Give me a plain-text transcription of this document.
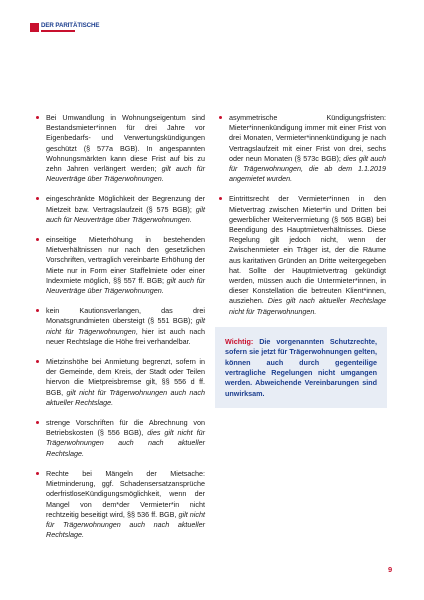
DER PARITÄTISCHE

Bei Umwandlung in Wohnungseigentum sind Bestandsmieter*innen für drei Jahre vor Eigenbedarfs- und Verwertungskündigungen geschützt (§ 577a BGB). In angespannten Wohnungsmärkten kann diese Frist auf bis zu zehn Jahren verlängert werden; gilt auch für Neuverträge über Trägerwohnungen.

eingeschränkte Möglichkeit der Begrenzung der Mietzeit bzw. Vertragslaufzeit (§ 575 BGB); gilt auch für Neuverträge über Trägerwohnungen.

einseitige Mieterhöhung in bestehenden Mietverhältnissen nur nach den gesetzlichen Vorschriften, vertraglich vereinbarte Erhöhung der Miete nur in Form einer Staffelmiete oder einer Indexmiete möglich, §§ 557 ff. BGB; gilt auch für Neuverträge über Trägerwohnungen.

kein Kautionsverlangen, das drei Monatsgrundmieten übersteigt (§ 551 BGB); gilt nicht für Trägerwohnungen, hier ist auch nach neuer Rechtslage die Höhe frei verhandelbar.

Mietzinshöhe bei Anmietung begrenzt, sofern in der Gemeinde, dem Kreis, der Stadt oder Teilen hiervon die Mietpreisbremse gilt, §§ 556 d ff. BGB, gilt nicht für Trägerwohnungen auch nach aktueller Rechtslage.

strenge Vorschriften für die Abrechnung von Betriebskosten (§ 556 BGB), dies gilt nicht für Trägerwohnungen auch nach aktueller Rechtslage.

Rechte bei Mängeln der Mietsache: Mietminderung, ggf. Schadensersatzansprüche oderfristloseKündigungsmöglichkeit, wenn der Mangel von dem*der Vermieter*in nicht rechtzeitig beseitigt wird, §§ 536 ff. BGB, gilt nicht für Trägerwohnungen auch nach aktueller Rechtslage.

asymmetrische Kündigungsfristen: Mieter*innenkündigung immer mit einer Frist von drei Monaten, Vermieter*innenkündigung je nach Vertragslaufzeit mit einer Frist von drei, sechs oder neun Monaten (§ 573c BGB); dies gilt auch für Trägerwohnungen, die ab dem 1.1.2019 angemietet wurden.

Eintrittsrecht der Vermieter*innen in den Mietvertrag zwischen Mieter*in und Dritten bei gewerblicher Weitervermietung (§ 565 BGB) bei Beendigung des Hauptmietverhältnisses. Diese Regelung gilt jedoch nicht, wenn der Zwischenmieter ein Träger ist, der die Räume aus karitativen Gründen an Dritte weitergegeben hat. Sollte der Hauptmietvertrag gekündigt werden, müssen auch die Untermieter*innen, in dieser Konstellation die betreuten Klient*innen, ausziehen. Dies gilt nach aktueller Rechtslage nicht für Trägerwohnungen.

Wichtig: Die vorgenannten Schutzrechte, sofern sie jetzt für Trägerwohnungen gelten, können auch durch gegenteilige vertragliche Regelungen nicht umgangen werden. Abweichende Vereinbarungen sind unwirksam.
9
